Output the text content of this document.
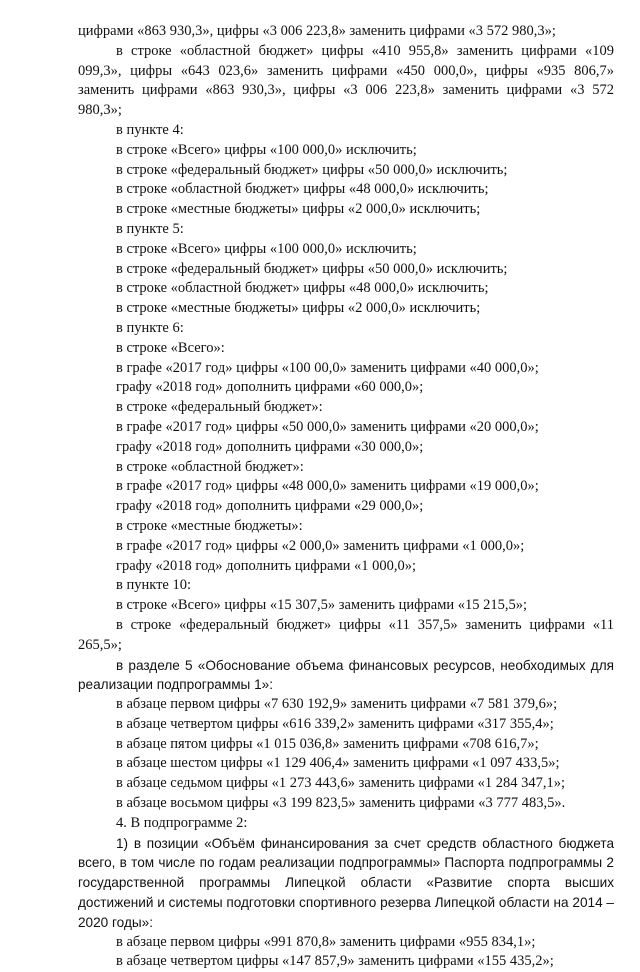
цифрами «863 930,3», цифры «3 006 223,8» заменить цифрами «3 572 980,3»;

в строке «областной бюджет» цифры «410 955,8» заменить цифрами «109 099,3», цифры «643 023,6» заменить цифрами «450 000,0», цифры «935 806,7» заменить цифрами «863 930,3», цифры «3 006 223,8» заменить цифрами «3 572 980,3»;

в пункте 4:

в строке «Всего» цифры «100 000,0» исключить;

в строке «федеральный бюджет» цифры «50 000,0» исключить;

в строке «областной бюджет» цифры «48 000,0» исключить;

в строке «местные бюджеты» цифры «2 000,0» исключить;

в пункте 5:

в строке «Всего» цифры «100 000,0» исключить;

в строке «федеральный бюджет» цифры «50 000,0» исключить;

в строке «областной бюджет» цифры «48 000,0» исключить;

в строке «местные бюджеты» цифры «2 000,0» исключить;

в пункте 6:

в строке «Всего»:

в графе «2017 год» цифры «100 00,0» заменить цифрами «40 000,0»;

графу «2018 год» дополнить цифрами «60 000,0»;

в строке «федеральный бюджет»:

в графе «2017 год» цифры «50 000,0» заменить цифрами «20 000,0»;

графу «2018 год» дополнить цифрами «30 000,0»;

в строке «областной бюджет»:

в графе «2017 год» цифры «48 000,0» заменить цифрами «19 000,0»;

графу «2018 год» дополнить цифрами «29 000,0»;

в строке «местные бюджеты»:

в графе «2017 год» цифры «2 000,0» заменить цифрами «1 000,0»;

графу «2018 год» дополнить цифрами «1 000,0»;

в пункте 10:

в строке «Всего» цифры «15 307,5» заменить цифрами «15 215,5»;

в строке «федеральный бюджет» цифры «11 357,5» заменить цифрами «11 265,5»;

в разделе 5 «Обоснование объема финансовых ресурсов, необходимых для реализации подпрограммы 1»:

в абзаце первом цифры «7 630 192,9» заменить цифрами «7 581 379,6»;

в абзаце четвертом цифры «616 339,2» заменить цифрами «317 355,4»;

в абзаце пятом цифры «1 015 036,8» заменить цифрами «708 616,7»;

в абзаце шестом цифры «1 129 406,4» заменить цифрами «1 097 433,5»;

в абзаце седьмом цифры «1 273 443,6» заменить цифрами «1 284 347,1»;

в абзаце восьмом цифры «3 199 823,5» заменить цифрами «3 777 483,5».

4. В подпрограмме 2:

1) в позиции «Объём финансирования за счет средств областного бюджета всего, в том числе по годам реализации подпрограммы» Паспорта подпрограммы 2 государственной программы Липецкой области «Развитие спорта высших достижений и системы подготовки спортивного резерва Липецкой области на 2014 – 2020 годы»:

в абзаце первом цифры «991 870,8» заменить цифрами «955 834,1»;

в абзаце четвертом цифры «147 857,9» заменить цифрами «155 435,2»;
